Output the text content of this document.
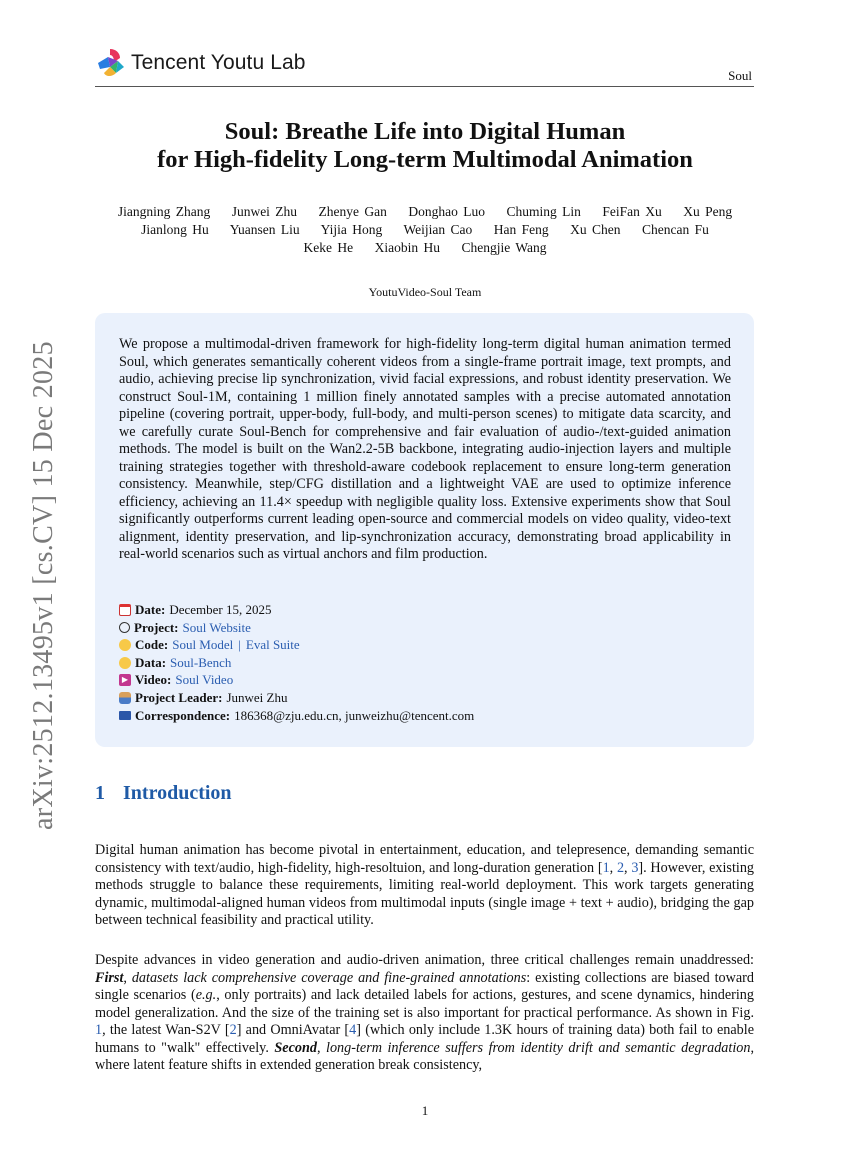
Tencent Youtu Lab
Soul
arXiv:2512.13495v1 [cs.CV] 15 Dec 2025
Soul: Breathe Life into Digital Human
for High-fidelity Long-term Multimodal Animation
Jiangning Zhang    Junwei Zhu    Zhenye Gan    Donghao Luo    Chuming Lin    FeiFan Xu    Xu Peng
Jianlong Hu    Yuansen Liu    Yijia Hong    Weijian Cao    Han Feng    Xu Chen    Chencan Fu
Keke He    Xiaobin Hu    Chengjie Wang
YoutuVideo-Soul Team
We propose a multimodal-driven framework for high-fidelity long-term digital human animation termed Soul, which generates semantically coherent videos from a single-frame portrait image, text prompts, and audio, achieving precise lip synchronization, vivid facial expressions, and robust identity preservation. We construct Soul-1M, containing 1 million finely annotated samples with a precise automated annotation pipeline (covering portrait, upper-body, full-body, and multi-person scenes) to mitigate data scarcity, and we carefully curate Soul-Bench for comprehensive and fair evaluation of audio-/text-guided animation methods. The model is built on the Wan2.2-5B backbone, integrating audio-injection layers and multiple training strategies together with threshold-aware codebook replacement to ensure long-term generation consistency. Meanwhile, step/CFG distillation and a lightweight VAE are used to optimize inference efficiency, achieving an 11.4× speedup with negligible quality loss. Extensive experiments show that Soul significantly outperforms current leading open-source and commercial models on video quality, video-text alignment, identity preservation, and lip-synchronization accuracy, demonstrating broad applicability in real-world scenarios such as virtual anchors and film production.
Date: December 15, 2025
Project: Soul Website
Code: Soul Model | Eval Suite
Data: Soul-Bench
▶ Video: Soul Video
Project Leader: Junwei Zhu
Correspondence: 186368@zju.edu.cn, junweizhu@tencent.com
1 Introduction
Digital human animation has become pivotal in entertainment, education, and telepresence, demanding semantic consistency with text/audio, high-fidelity, high-resoltuion, and long-duration generation [1, 2, 3]. However, existing methods struggle to balance these requirements, limiting real-world deployment. This work targets generating dynamic, multimodal-aligned human videos from multimodal inputs (single image + text + audio), bridging the gap between technical feasibility and practical utility.
Despite advances in video generation and audio-driven animation, three critical challenges remain unaddressed: First, datasets lack comprehensive coverage and fine-grained annotations: existing collections are biased toward single scenarios (e.g., only portraits) and lack detailed labels for actions, gestures, and scene dynamics, hindering model generalization. And the size of the training set is also important for practical performance. As shown in Fig. 1, the latest Wan-S2V [2] and OmniAvatar [4] (which only include 1.3K hours of training data) both fail to enable humans to "walk" effectively. Second, long-term inference suffers from identity drift and semantic degradation, where latent feature shifts in extended generation break consistency,
1
